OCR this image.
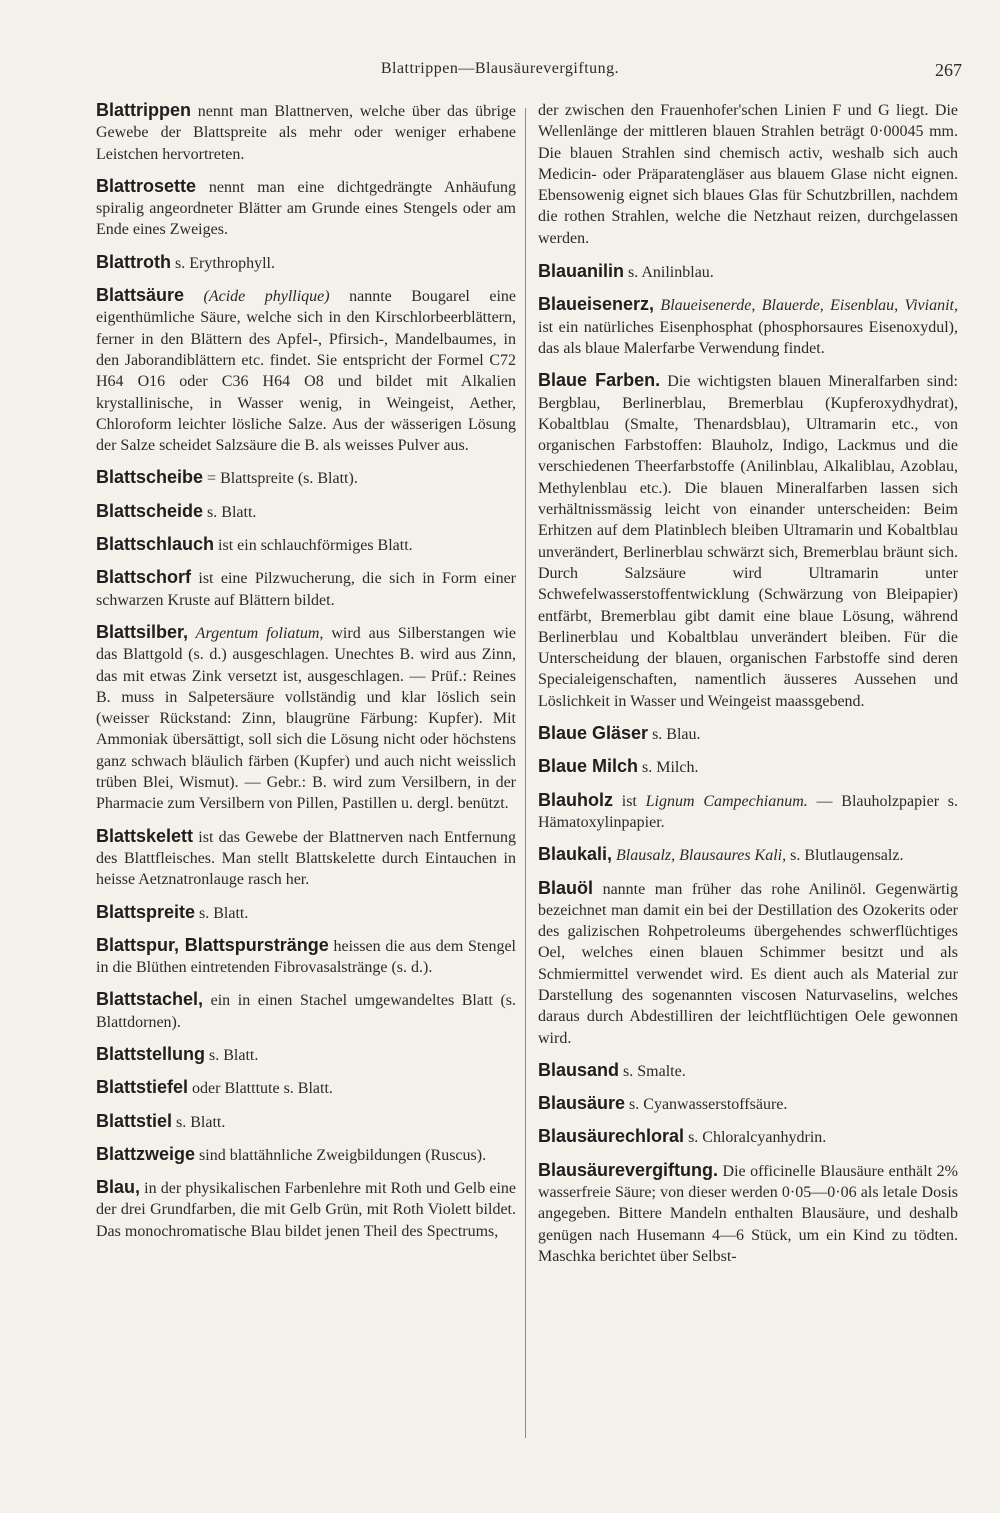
Blattrippen—Blausäurevergiftung.	267

Blattrippen nennt man Blattnerven, welche über das übrige Gewebe der Blattspreite als mehr oder weniger erhabene Leistchen hervortreten.

Blattrosette nennt man eine dichtgedrängte Anhäufung spiralig angeordneter Blätter am Grunde eines Stengels oder am Ende eines Zweiges.

Blattroth s. Erythrophyll.

Blattsäure (Acide phyllique) nannte Bougarel eine eigenthümliche Säure, welche sich in den Kirschlorbeerblättern, ferner in den Blättern des Apfel-, Pfirsich-, Mandelbaumes, in den Jaborandiblättern etc. findet. Sie entspricht der Formel C72 H64 O16 oder C36 H64 O8 und bildet mit Alkalien krystallinische, in Wasser wenig, in Weingeist, Aether, Chloroform leichter lösliche Salze. Aus der wässerigen Lösung der Salze scheidet Salzsäure die B. als weisses Pulver aus.

Blattscheibe = Blattspreite (s. Blatt).

Blattscheide s. Blatt.

Blattschlauch ist ein schlauchförmiges Blatt.

Blattschorf ist eine Pilzwucherung, die sich in Form einer schwarzen Kruste auf Blättern bildet.

Blattsilber, Argentum foliatum, wird aus Silberstangen wie das Blattgold (s. d.) ausgeschlagen. Unechtes B. wird aus Zinn, das mit etwas Zink versetzt ist, ausgeschlagen. — Prüf.: Reines B. muss in Salpetersäure vollständig und klar löslich sein (weisser Rückstand: Zinn, blaugrüne Färbung: Kupfer). Mit Ammoniak übersättigt, soll sich die Lösung nicht oder höchstens ganz schwach bläulich färben (Kupfer) und auch nicht weisslich trüben Blei, Wismut). — Gebr.: B. wird zum Versilbern, in der Pharmacie zum Versilbern von Pillen, Pastillen u. dergl. benützt.

Blattskelett ist das Gewebe der Blattnerven nach Entfernung des Blattfleisches. Man stellt Blattskelette durch Eintauchen in heisse Aetznatronlauge rasch her.

Blattspreite s. Blatt.

Blattspur, Blattspurstränge heissen die aus dem Stengel in die Blüthen eintretenden Fibrovasalstränge (s. d.).

Blattstachel, ein in einen Stachel umgewandeltes Blatt (s. Blattdornen).

Blattstellung s. Blatt.

Blattstiefel oder Blatttute s. Blatt.

Blattstiel s. Blatt.

Blattzweige sind blattähnliche Zweigbildungen (Ruscus).

Blau, in der physikalischen Farbenlehre mit Roth und Gelb eine der drei Grundfarben, die mit Gelb Grün, mit Roth Violett bildet. Das monochromatische Blau bildet jenen Theil des Spectrums,

der zwischen den Frauenhofer'schen Linien F und G liegt. Die Wellenlänge der mittleren blauen Strahlen beträgt 0·00045 mm. Die blauen Strahlen sind chemisch activ, weshalb sich auch Medicin- oder Präparatengläser aus blauem Glase nicht eignen. Ebensowenig eignet sich blaues Glas für Schutzbrillen, nachdem die rothen Strahlen, welche die Netzhaut reizen, durchgelassen werden.

Blauanilin s. Anilinblau.

Blaueisenerz, Blaueisenerde, Blauerde, Eisenblau, Vivianit, ist ein natürliches Eisenphosphat (phosphorsaures Eisenoxydul), das als blaue Malerfarbe Verwendung findet.

Blaue Farben. Die wichtigsten blauen Mineralfarben sind: Bergblau, Berlinerblau, Bremerblau (Kupferoxydhydrat), Kobaltblau (Smalte, Thenardsblau), Ultramarin etc., von organischen Farbstoffen: Blauholz, Indigo, Lackmus und die verschiedenen Theerfarbstoffe (Anilinblau, Alkaliblau, Azoblau, Methylenblau etc.). Die blauen Mineralfarben lassen sich verhältnissmässig leicht von einander unterscheiden: Beim Erhitzen auf dem Platinblech bleiben Ultramarin und Kobaltblau unverändert, Berlinerblau schwärzt sich, Bremerblau bräunt sich. Durch Salzsäure wird Ultramarin unter Schwefelwasserstoffentwicklung (Schwärzung von Bleipapier) entfärbt, Bremerblau gibt damit eine blaue Lösung, während Berlinerblau und Kobaltblau unverändert bleiben. Für die Unterscheidung der blauen, organischen Farbstoffe sind deren Specialeigenschaften, namentlich äusseres Aussehen und Löslichkeit in Wasser und Weingeist maassgebend.

Blaue Gläser s. Blau.

Blaue Milch s. Milch.

Blauholz ist Lignum Campechianum. — Blauholzpapier s. Hämatoxylinpapier.

Blaukali, Blausalz, Blausaures Kali, s. Blutlaugensalz.

Blauöl nannte man früher das rohe Anilinöl. Gegenwärtig bezeichnet man damit ein bei der Destillation des Ozokerits oder des galizischen Rohpetroleums übergehendes schwerflüchtiges Oel, welches einen blauen Schimmer besitzt und als Schmiermittel verwendet wird. Es dient auch als Material zur Darstellung des sogenannten viscosen Naturvaselins, welches daraus durch Abdestilliren der leichtflüchtigen Oele gewonnen wird.

Blausand s. Smalte.

Blausäure s. Cyanwasserstoffsäure.

Blausäurechloral s. Chloralcyanhydrin.

Blausäurevergiftung. Die officinelle Blausäure enthält 2% wasserfreie Säure; von dieser werden 0·05—0·06 als letale Dosis angegeben. Bittere Mandeln enthalten Blausäure, und deshalb genügen nach Husemann 4—6 Stück, um ein Kind zu tödten. Maschka berichtet über Selbst-
